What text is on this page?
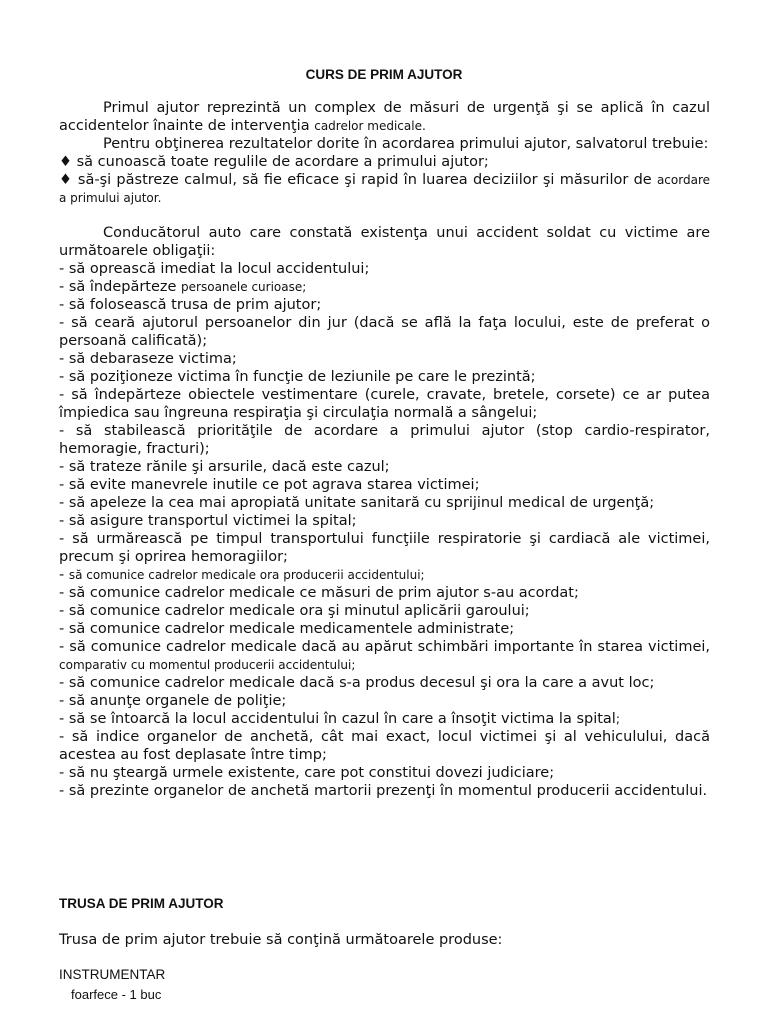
CURS DE PRIM AJUTOR

Primul ajutor reprezintă un complex de măsuri de urgenţă şi se aplică în cazul accidentelor înainte de intervenţia cadrelor medicale.

Pentru obţinerea rezultatelor dorite în acordarea primului ajutor, salvatorul trebuie:

♦ să cunoască toate regulile de acordare a primului ajutor;

♦ să-şi păstreze calmul, să fie eficace şi rapid în luarea deciziilor şi măsurilor de acordare a primului ajutor.

Conducătorul auto care constată existenţa unui accident soldat cu victime are următoarele obligaţii:

- să oprească imediat la locul accidentului;

- să îndepărteze persoanele curioase;

- să folosească trusa de prim ajutor;

- să ceară ajutorul persoanelor din jur (dacă se află la faţa locului, este de preferat o persoană calificată);

- să debaraseze victima;

- să poziţioneze victima în funcţie de leziunile pe care le prezintă;

- să îndepărteze obiectele vestimentare (curele, cravate, bretele, corsete) ce ar putea împiedica sau îngreuna respiraţia şi circulaţia normală a sângelui;

- să stabilească priorităţile de acordare a primului ajutor (stop cardio-respirator, hemoragie, fracturi);

- să trateze rănile şi arsurile, dacă este cazul;

- să evite manevrele inutile ce pot agrava starea victimei;

- să apeleze la cea mai apropiată unitate sanitară cu sprijinul medical de urgenţă;

- să asigure transportul victimei la spital;

- să urmărească pe timpul transportului funcţiile respiratorie şi cardiacă ale victimei, precum şi oprirea hemoragiilor;

- să comunice cadrelor medicale ora producerii accidentului;

- să comunice cadrelor medicale ce măsuri de prim ajutor s-au acordat;

- să comunice cadrelor medicale ora şi minutul aplicării garoului;

- să comunice cadrelor medicale medicamentele administrate;

- să comunice cadrelor medicale dacă au apărut schimbări importante în starea victimei, comparativ cu momentul producerii accidentului;

- să comunice cadrelor medicale dacă s-a produs decesul şi ora la care a avut loc;

- să anunţe organele de poliţie;

- să se întoarcă la locul accidentului în cazul în care a însoţit victima la spital;

- să indice organelor de anchetă, cât mai exact, locul victimei şi al vehiculului, dacă acestea au fost deplasate între timp;

- să nu şteargă urmele existente, care pot constitui dovezi judiciare;

- să prezinte organelor de anchetă martorii prezenţi în momentul producerii accidentului.

TRUSA DE PRIM AJUTOR
Trusa de prim ajutor trebuie să conţină următoarele produse:
INSTRUMENTAR
foarfece - 1 buc
